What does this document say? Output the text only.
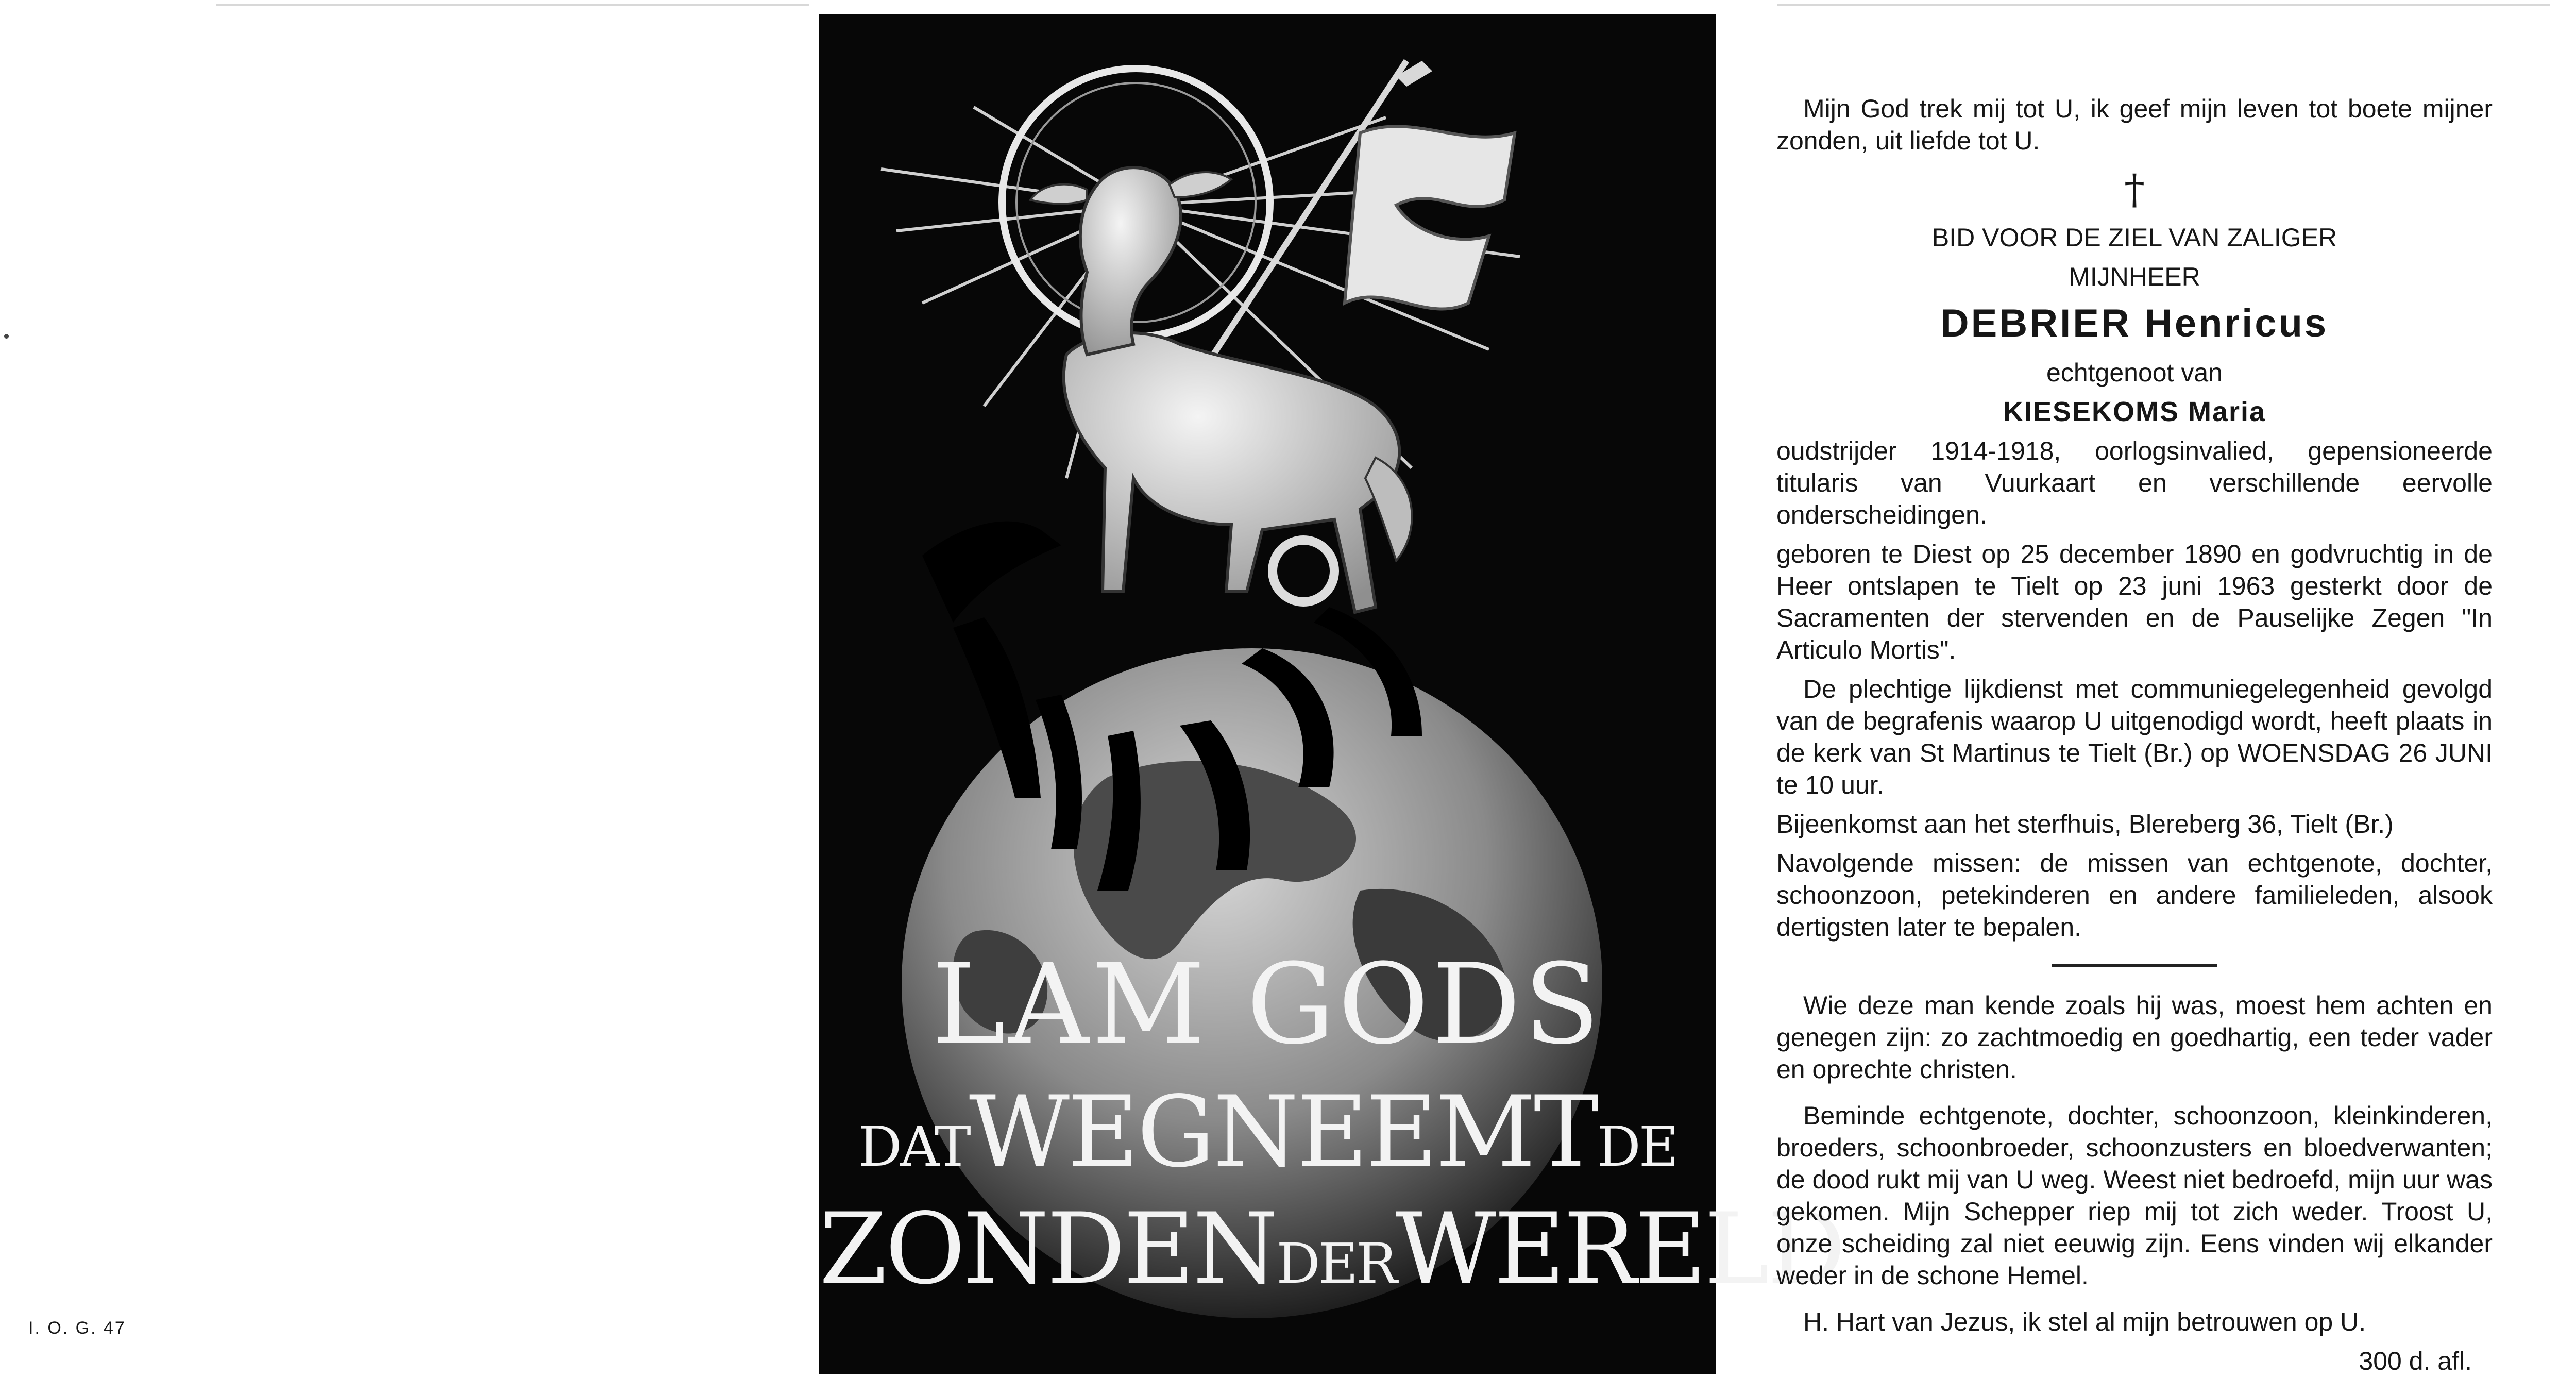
I. O. G. 47
LAM GODS
DATWEGNEEMTDE
ZONDENDERWERELD

Mijn God trek mij tot U, ik geef mijn leven tot boete mijner zonden, uit liefde tot U.

†

BID VOOR DE ZIEL VAN ZALIGER

MIJNHEER

DEBRIER Henricus

echtgenoot van

KIESEKOMS Maria

oudstrijder 1914-1918, oorlogsinvalied, gepensioneerde titularis van Vuurkaart en verschillende eervolle onderscheidingen.

geboren te Diest op 25 december 1890 en godvruchtig in de Heer ontslapen te Tielt op 23 juni 1963 gesterkt door de Sacramenten der stervenden en de Pauselijke Zegen "In Articulo Mortis".

De plechtige lijkdienst met communiegelegenheid gevolgd van de begrafenis waarop U uitgenodigd wordt, heeft plaats in de kerk van St Martinus te Tielt (Br.) op WOENSDAG 26 JUNI te 10 uur.

Bijeenkomst aan het sterfhuis, Blereberg 36, Tielt (Br.)

Navolgende missen: de missen van echtgenote, dochter, schoonzoon, petekinderen en andere familieleden, alsook dertigsten later te bepalen.

Wie deze man kende zoals hij was, moest hem achten en genegen zijn: zo zachtmoedig en goedhartig, een teder vader en oprechte christen.

Beminde echtgenote, dochter, schoonzoon, kleinkinderen, broeders, schoonbroeder, schoonzusters en bloedverwanten; de dood rukt mij van U weg. Weest niet bedroefd, mijn uur was gekomen. Mijn Schepper riep mij tot zich weder. Troost U, onze scheiding zal niet eeuwig zijn. Eens vinden wij elkander weder in de schone Hemel.

H. Hart van Jezus, ik stel al mijn betrouwen op U.

300 d. afl.
